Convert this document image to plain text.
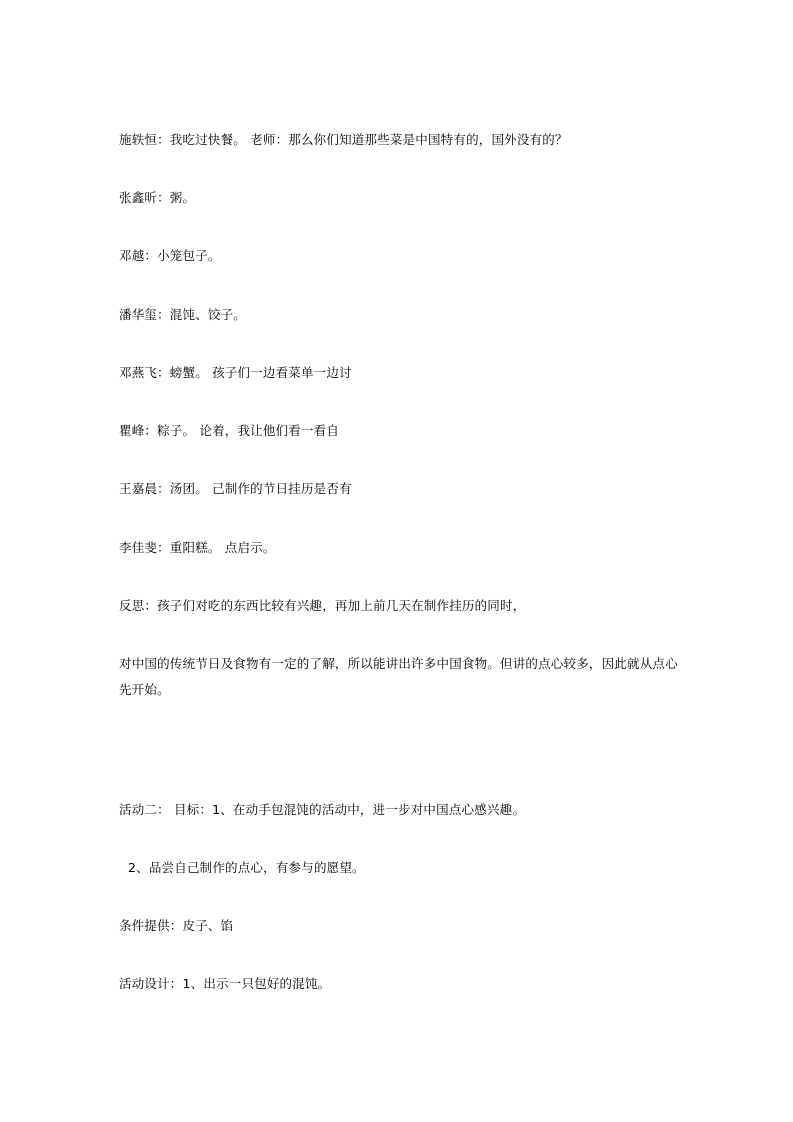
施轶恒：我吃过快餐。 老师：那么你们知道那些菜是中国特有的，国外没有的？
张鑫昕：粥。
邓越：小笼包子。
潘华玺：混饨、饺子。
邓燕飞：螃蟹。 孩子们一边看菜单一边讨
瞿峰：粽子。 论着，我让他们看一看自
王嘉晨：汤团。 己制作的节日挂历是否有
李佳斐：重阳糕。 点启示。
反思：孩子们对吃的东西比较有兴趣，再加上前几天在制作挂历的同时，
对中国的传统节日及食物有一定的了解，所以能讲出许多中国食物。但讲的点心较多，因此就从点心先开始。
活动二： 目标：1、在动手包混饨的活动中，进一步对中国点心感兴趣。
2、品尝自己制作的点心，有参与的愿望。
条件提供：皮子、馅
活动设计：1、出示一只包好的混饨。
